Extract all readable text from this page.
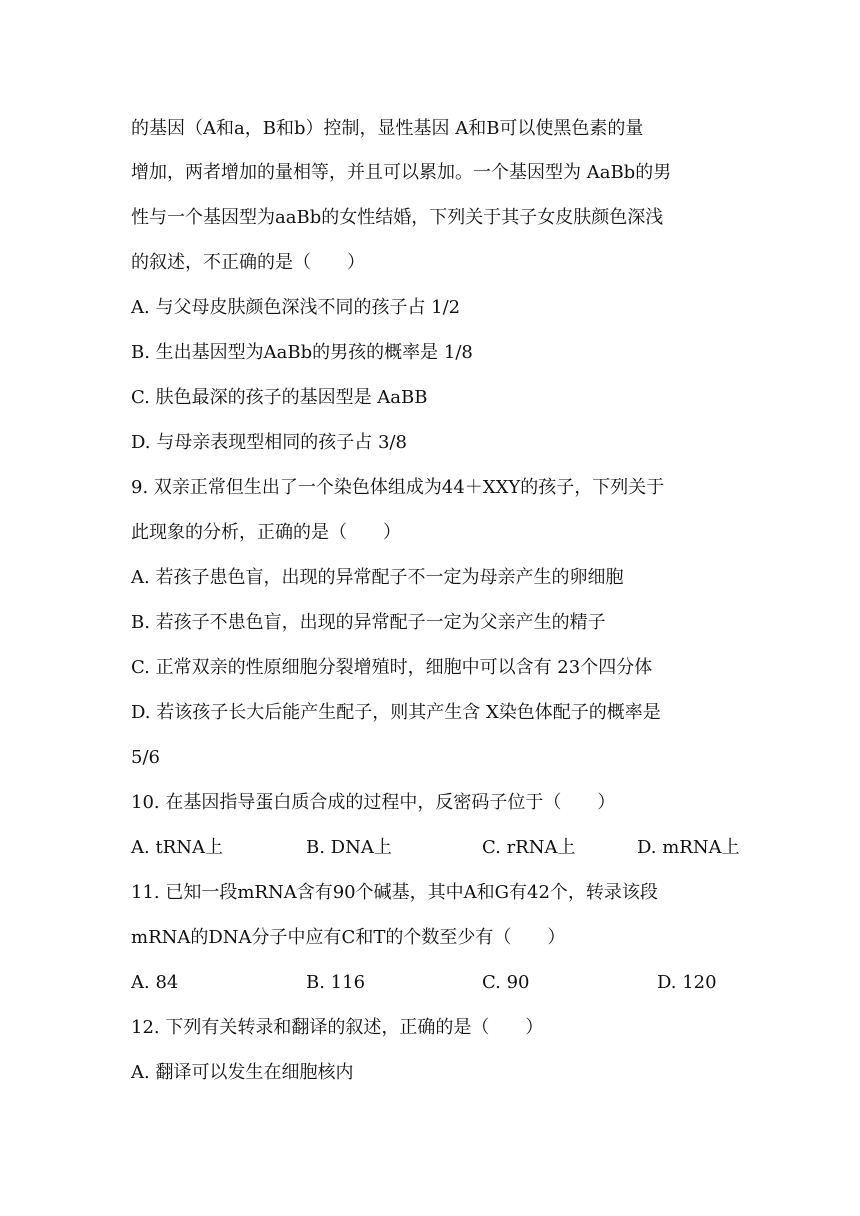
的基因（A和a，B和b）控制，显性基因 A和B可以使黑色素的量
增加，两者增加的量相等，并且可以累加。一个基因型为 AaBb的男
性与一个基因型为aaBb的女性结婚，下列关于其子女皮肤颜色深浅
的叙述，不正确的是（　　）
A. 与父母皮肤颜色深浅不同的孩子占 1/2
B. 生出基因型为AaBb的男孩的概率是 1/8
C. 肤色最深的孩子的基因型是 AaBB
D. 与母亲表现型相同的孩子占 3/8
9. 双亲正常但生出了一个染色体组成为44＋XXY的孩子，下列关于
此现象的分析，正确的是（　　）
A. 若孩子患色盲，出现的异常配子不一定为母亲产生的卵细胞
B. 若孩子不患色盲，出现的异常配子一定为父亲产生的精子
C. 正常双亲的性原细胞分裂增殖时，细胞中可以含有 23个四分体
D. 若该孩子长大后能产生配子，则其产生含 X染色体配子的概率是
5/6
10. 在基因指导蛋白质合成的过程中，反密码子位于（　　）
A. tRNA上	B. DNA上	C. rRNA上	D. mRNA上
11. 已知一段mRNA含有90个碱基，其中A和G有42个，转录该段
mRNA的DNA分子中应有C和T的个数至少有（　　）
A. 84	B. 116	C. 90	D. 120
12. 下列有关转录和翻译的叙述，正确的是（　　）
A. 翻译可以发生在细胞核内
